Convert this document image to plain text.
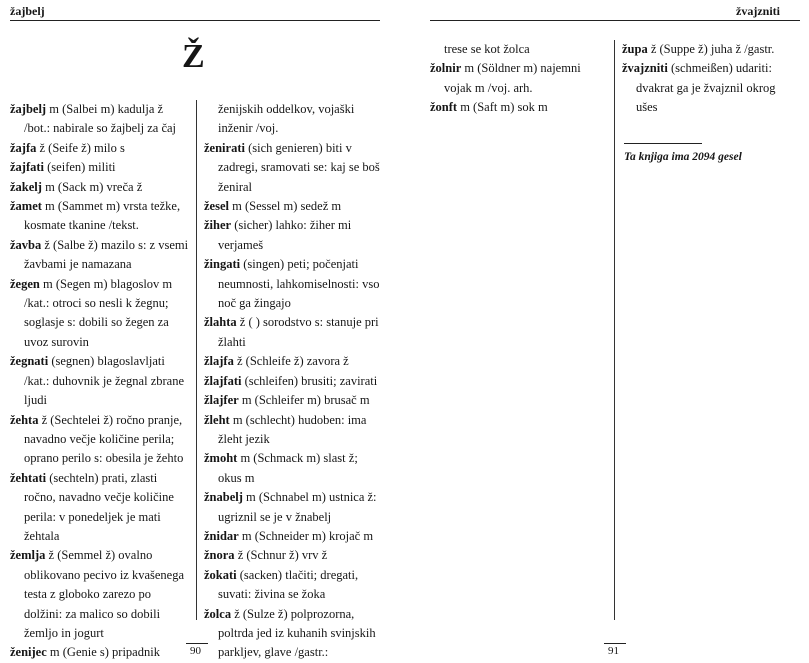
žajbelj
Ž

žajbelj m (Salbei m) kadulja ž /bot.: nabirale so žajbelj za čaj

žajfa ž (Seife ž) milo s

žajfati (seifen) militi

žakelj m (Sack m) vreča ž

žamet m (Sammet m) vrsta težke, kosmate tkanine /tekst.

žavba ž (Salbe ž) mazilo s: z vsemi žavbami je namazana

žegen m (Segen m) blagoslov m /kat.: otroci so nesli k žegnu; soglasje s: dobili so žegen za uvoz surovin

žegnati (segnen) blagoslavljati /kat.: duhovnik je žegnal zbrane ljudi

žehta ž (Sechtelei ž) ročno pranje, navadno večje količine perila; oprano perilo s: obesila je žehto

žehtati (sechteln) prati, zlasti ročno, navadno večje količine perila: v ponedeljek je mati žehtala

žemlja ž (Semmel ž) ovalno oblikovano pecivo iz kvašenega testa z globoko zarezo po dolžini: za malico so dobili žemljo in jogurt

ženijec m (Genie s) pripadnik

ženijskih oddelkov, vojaški inženir /voj.

ženirati (sich genieren) biti v zadregi, sramovati se: kaj se boš ženiral

žesel m (Sessel m) sedež m

žiher (sicher) lahko: žiher mi verjameš

žingati (singen) peti; počenjati neumnosti, lahkomiselnosti: vso noč ga žingajo

žlahta ž ( ) sorodstvo s: stanuje pri žlahti

žlajfa ž (Schleife ž) zavora ž

žlajfati (schleifen) brusiti; zavirati

žlajfer m (Schleifer m) brusač m

žleht m (schlecht) hudoben: ima žleht jezik

žmoht m (Schmack m) slast ž; okus m

žnabelj m (Schnabel m) ustnica ž: ugriznil se je v žnabelj

žnidar m (Schneider m) krojač m

žnora ž (Schnur ž) vrv ž

žokati (sacken) tlačiti; dregati, suvati: živina se žoka

žolca ž (Sulze ž) polprozorna, poltrda jed iz kuhanih svinjskih parkljev, glave /gastr.:

90
žvajzniti

trese se kot žolca

žolnir m (Söldner m) najemni vojak m /voj. arh.

žonft m (Saft m) sok m

župa ž (Suppe ž) juha ž /gastr.

žvajzniti (schmeißen) udariti: dvakrat ga je žvajznil okrog ušes

Ta knjiga ima 2094 gesel
91
